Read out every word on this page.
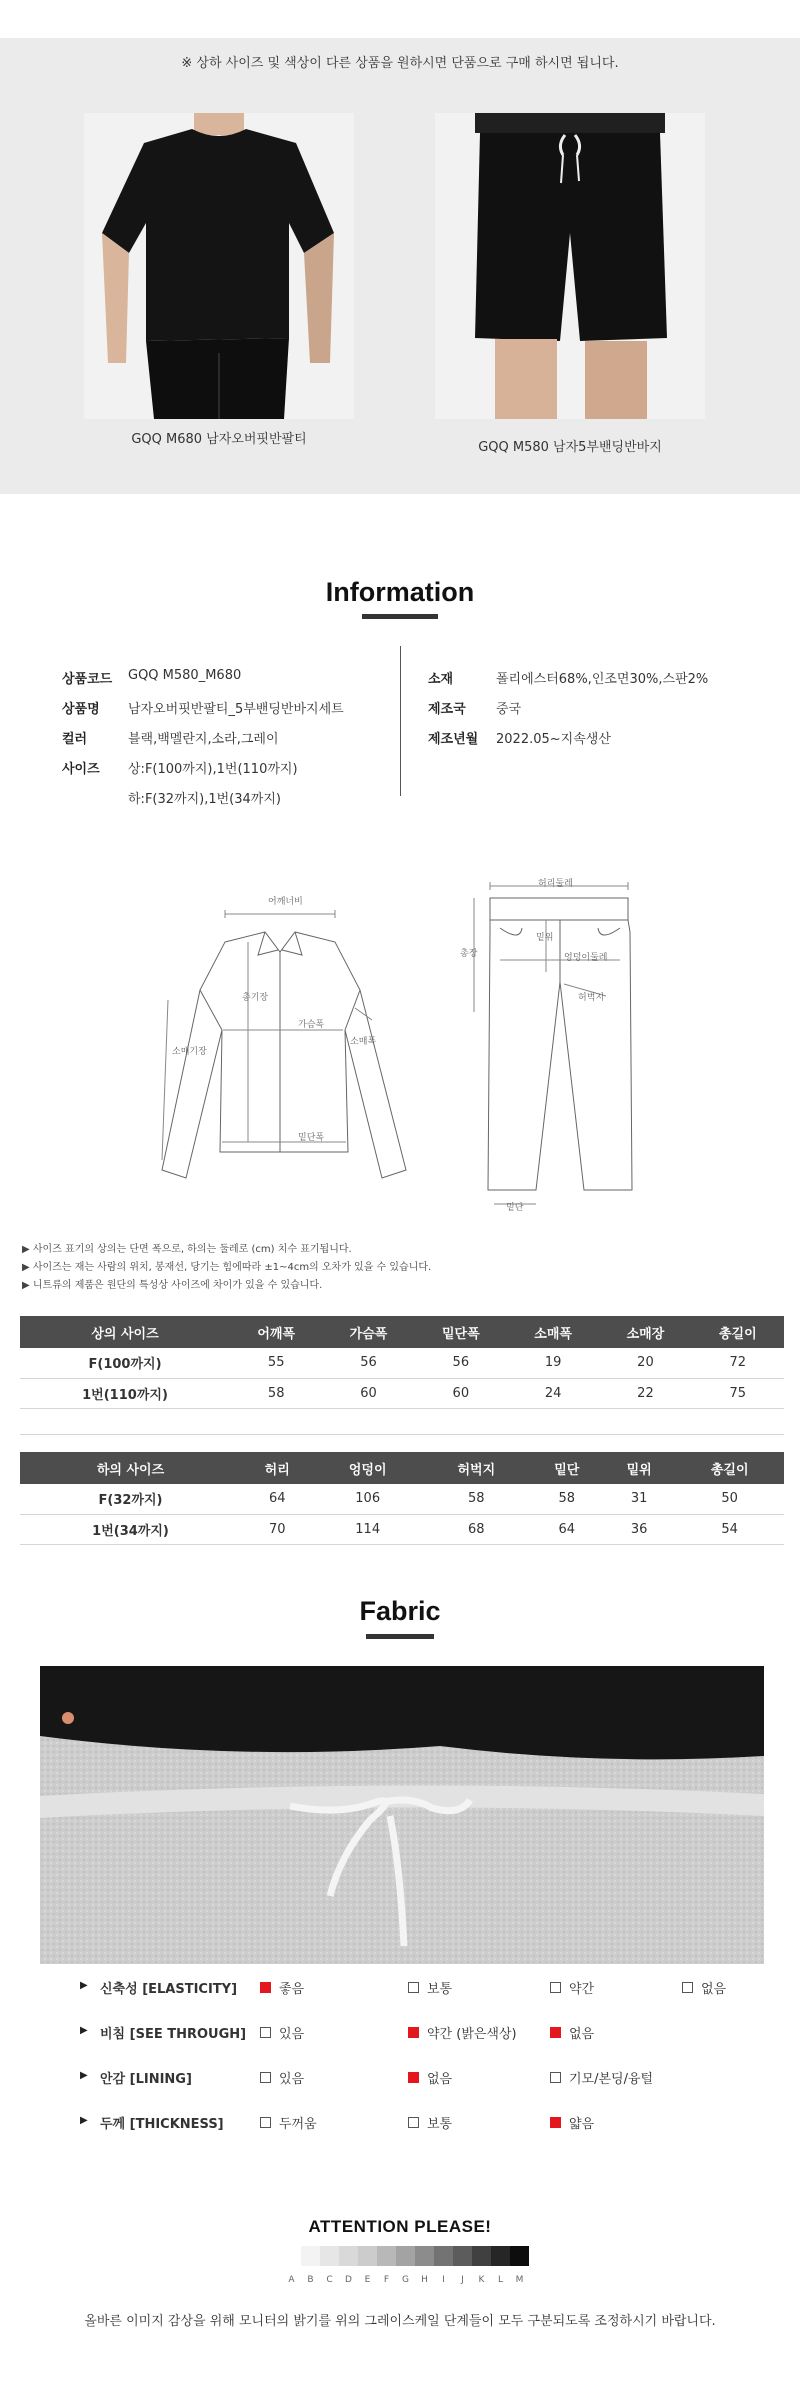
※ 상하 사이즈 및 색상이 다른 상품을 원하시면 단품으로 구매 하시면 됩니다.
GQQ M680 남자오버핏반팔티
GQQ M580 남자5부밴딩반바지
Information
상품코드 GQQ M580_M680
상품명 남자오버핏반팔티_5부밴딩반바지세트
컬러	블랙,백멜란지,소라,그레이
사이즈 상:F(100까지),1번(110까지)
하:F(32까지),1번(34까지)
소재	폴리에스터68%,인조면30%,스판2%
제조국 중국
제조년월 2022.05~지속생산
어깨너비
총기장
가슴폭
소매폭
소매기장
밑단폭
허리둘레
밑위
엉덩이둘레
총장
허벅지
밑단
▶ 사이즈 표기의 상의는 단면 폭으로, 하의는 둘레로 (cm) 치수 표기됩니다.
▶ 사이즈는 재는 사람의 위치, 봉재선, 당기는 힘에따라 ±1~4cm의 오차가 있을 수 있습니다.
▶ 니트류의 제품은 원단의 특성상 사이즈에 차이가 있을 수 있습니다.
상의 사이즈	어깨폭	가슴폭	밑단폭	소매폭	소매장	총길이
F(100까지)	55	56	56	19	20	72
1번(110까지)	58	60	60	24	22	75
하의 사이즈	허리	엉덩이	허벅지	밑단	밑위	총길이
F(32까지)	64	106	58	58	31	50
1번(34까지)	70	114	68	64	36	54
Fabric
▶ 신축성 [ELASTICITY]	좋음	보통	약간	없음
▶ 비침 [SEE THROUGH]	있음	약간 (밝은색상)	없음
▶ 안감 [LINING]	있음	없음	기모/본딩/융털
▶ 두께 [THICKNESS]	두꺼움	보통	얇음
ATTENTION PLEASE!
A	B	C	D	E	F	G	H	I	J	K	L	M
올바른 이미지 감상을 위해 모니터의 밝기를 위의 그레이스케일 단계들이 모두 구분되도록 조정하시기 바랍니다.
